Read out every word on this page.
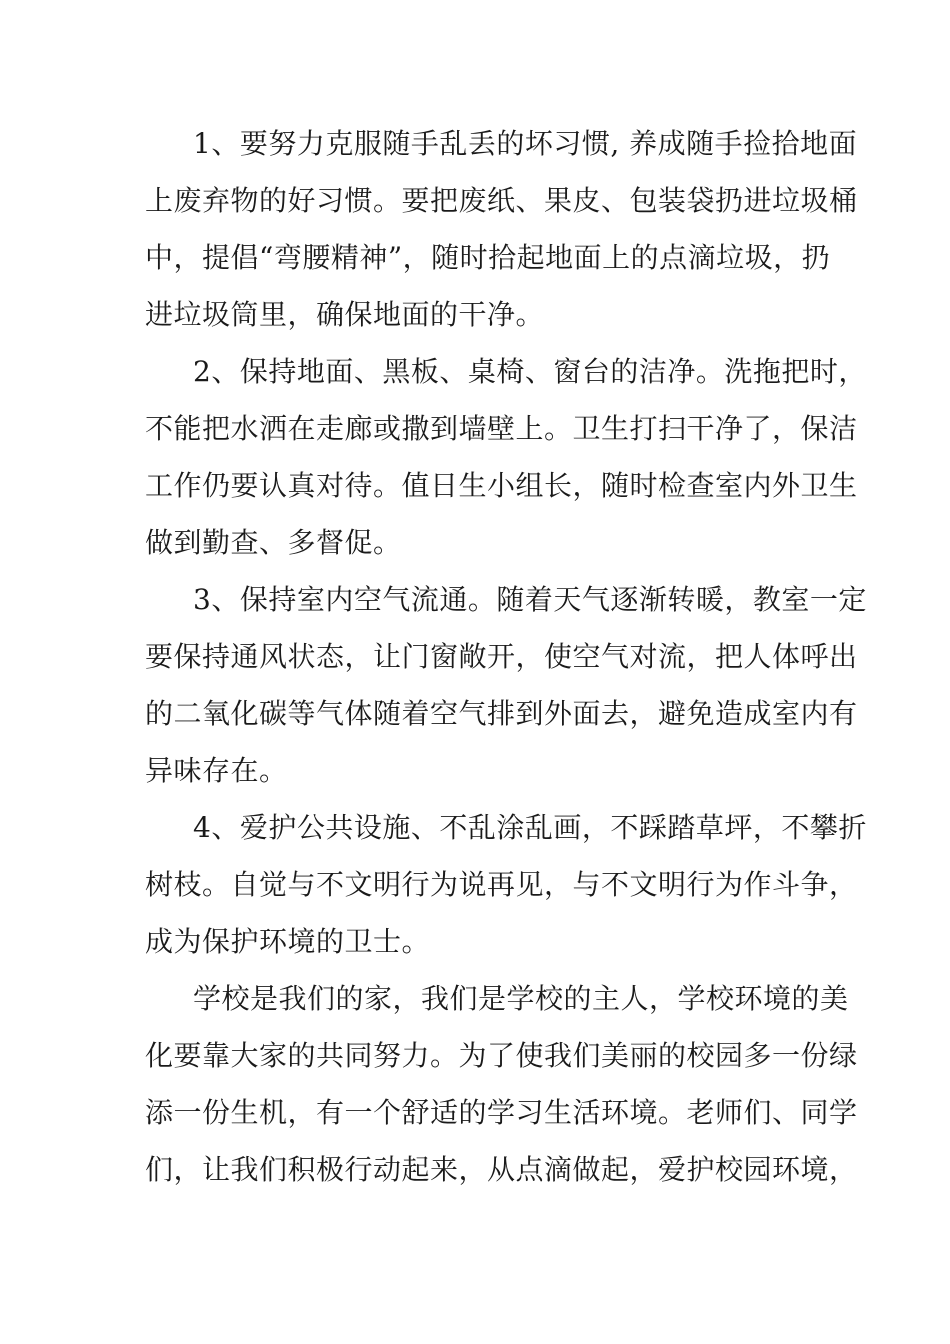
1、要努力克服随手乱丢的坏习惯, 养成随手捡拾地面
上废弃物的好习惯。要把废纸、果皮、包装袋扔进垃圾桶
中，提倡“弯腰精神”，随时拾起地面上的点滴垃圾，扔
进垃圾筒里，确保地面的干净。
2、保持地面、黑板、桌椅、窗台的洁净。洗拖把时，
不能把水洒在走廊或撒到墙壁上。卫生打扫干净了，保洁
工作仍要认真对待。值日生小组长，随时检查室内外卫生
做到勤查、多督促。
3、保持室内空气流通。随着天气逐渐转暖，教室一定
要保持通风状态，让门窗敞开，使空气对流，把人体呼出
的二氧化碳等气体随着空气排到外面去，避免造成室内有
异味存在。
4、爱护公共设施、不乱涂乱画，不踩踏草坪，不攀折
树枝。自觉与不文明行为说再见，与不文明行为作斗争，
成为保护环境的卫士。
学校是我们的家，我们是学校的主人，学校环境的美
化要靠大家的共同努力。为了使我们美丽的校园多一份绿
添一份生机，有一个舒适的学习生活环境。老师们、同学
们，让我们积极行动起来，从点滴做起，爱护校园环境，
